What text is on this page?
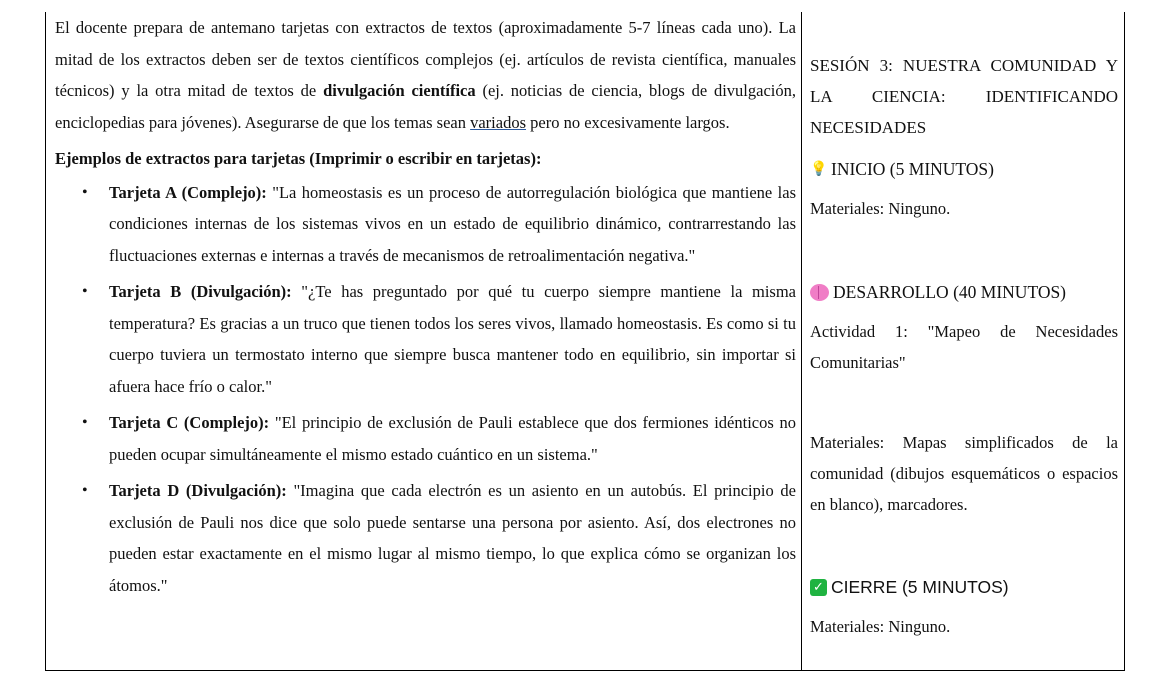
El docente prepara de antemano tarjetas con extractos de textos (aproximadamente 5-7 líneas cada uno). La mitad de los extractos deben ser de textos científicos complejos (ej. artículos de revista científica, manuales técnicos) y la otra mitad de textos de divulgación científica (ej. noticias de ciencia, blogs de divulgación, enciclopedias para jóvenes). Asegurarse de que los temas sean variados pero no excesivamente largos.

Ejemplos de extractos para tarjetas (Imprimir o escribir en tarjetas):

• Tarjeta A (Complejo): "La homeostasis es un proceso de autorregulación biológica que mantiene las condiciones internas de los sistemas vivos en un estado de equilibrio dinámico, contrarrestando las fluctuaciones externas e internas a través de mecanismos de retroalimentación negativa."
• Tarjeta B (Divulgación): "¿Te has preguntado por qué tu cuerpo siempre mantiene la misma temperatura? Es gracias a un truco que tienen todos los seres vivos, llamado homeostasis. Es como si tu cuerpo tuviera un termostato interno que siempre busca mantener todo en equilibrio, sin importar si afuera hace frío o calor."
• Tarjeta C (Complejo): "El principio de exclusión de Pauli establece que dos fermiones idénticos no pueden ocupar simultáneamente el mismo estado cuántico en un sistema."
• Tarjeta D (Divulgación): "Imagina que cada electrón es un asiento en un autobús. El principio de exclusión de Pauli nos dice que solo puede sentarse una persona por asiento. Así, dos electrones no pueden estar exactamente en el mismo lugar al mismo tiempo, lo que explica cómo se organizan los átomos."

SESIÓN 3: NUESTRA COMUNIDAD Y LA CIENCIA: IDENTIFICANDO NECESIDADES

💡 INICIO (5 MINUTOS)

Materiales: Ninguno.

DESARROLLO (40 MINUTOS)

Actividad 1: "Mapeo de Necesidades Comunitarias"

Materiales: Mapas simplificados de la comunidad (dibujos esquemáticos o espacios en blanco), marcadores.

✓ CIERRE (5 MINUTOS)

Materiales: Ninguno.
